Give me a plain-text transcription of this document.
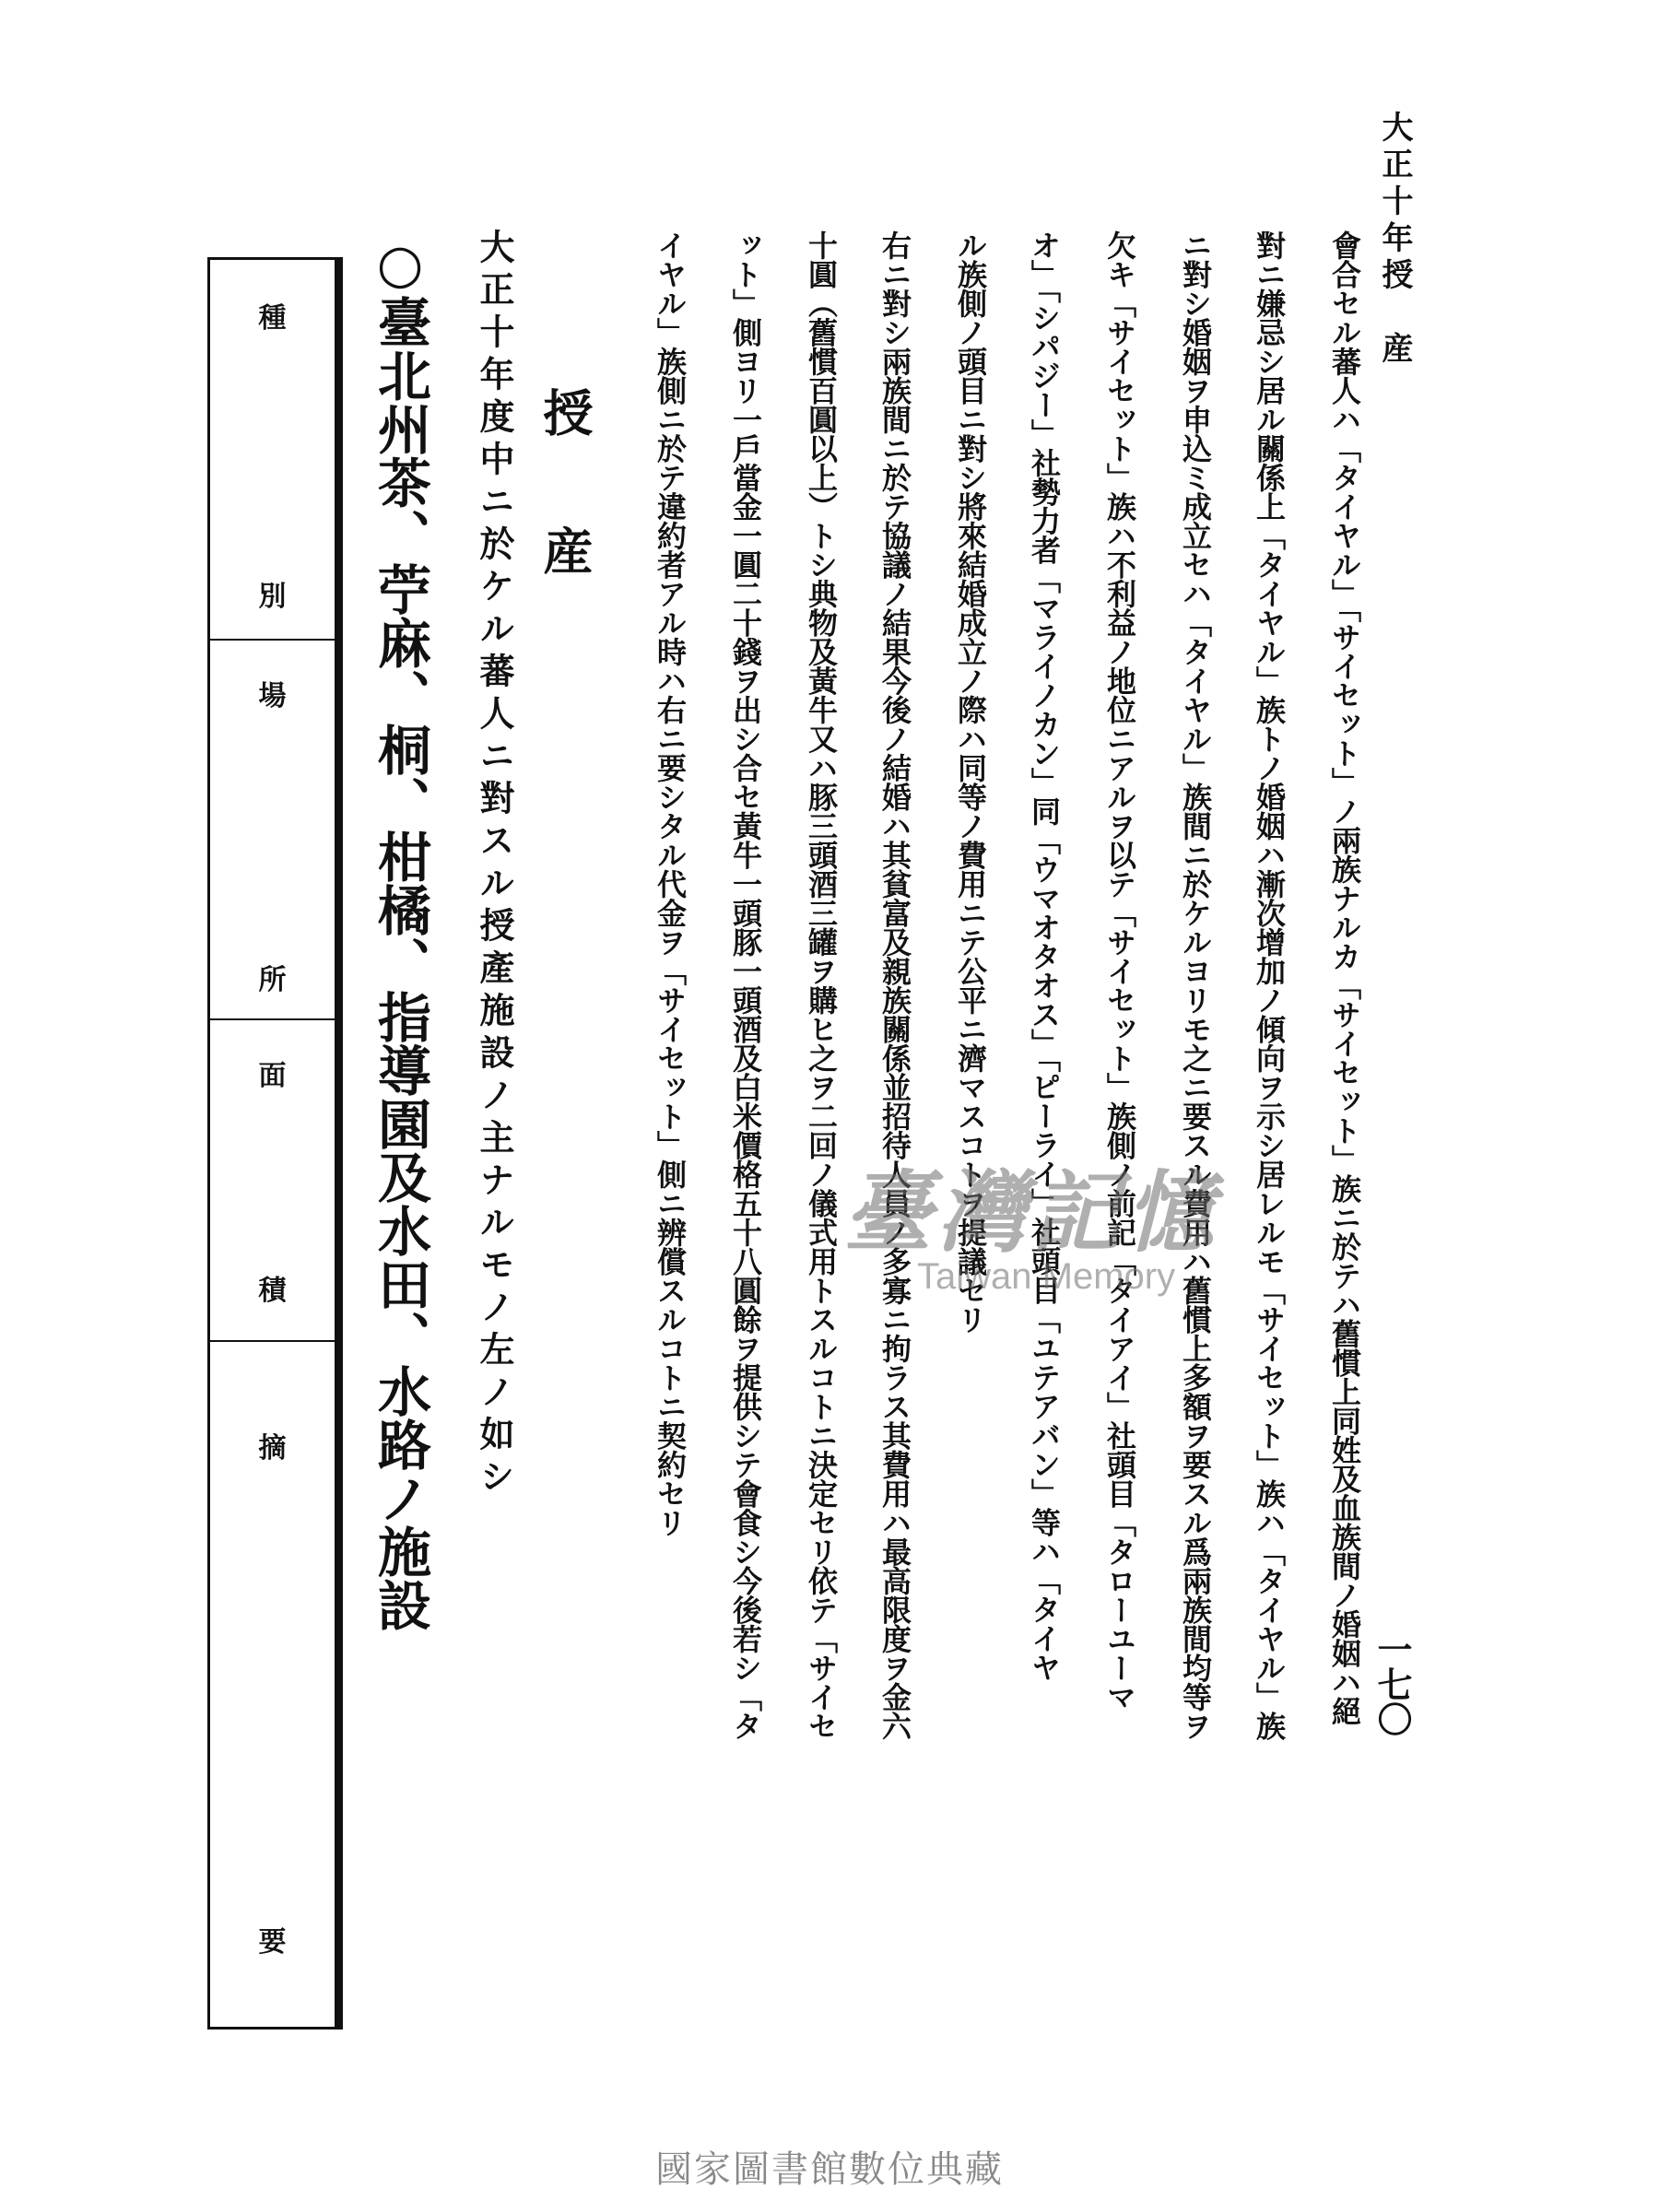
大正十年授　産
一七〇
會合セル蕃人ハ「タイヤル」「サイセット」ノ兩族ナルカ「サイセット」族ニ於テハ舊慣上同姓及血族間ノ婚姻ハ絕
對ニ嫌忌シ居ル關係上「タイヤル」族トノ婚姻ハ漸次增加ノ傾向ヲ示シ居レルモ「サイセット」族ハ「タイヤル」族
ニ對シ婚姻ヲ申込ミ成立セハ「タイヤル」族間ニ於ケルヨリモ之ニ要スル費用ハ舊慣上多額ヲ要スル爲兩族間均等ヲ
欠キ「サイセット」族ハ不利益ノ地位ニアルヲ以テ「サイセット」族側ノ前記「タイアイ」社頭目「タローユーマ
オ」「シパジー」社勢力者「マライノカン」同「ウマオタオス」「ピーライ」社頭目「ユテアバン」等ハ「タイヤ
ル族側ノ頭目ニ對シ將來結婚成立ノ際ハ同等ノ費用ニテ公平ニ濟マスコトヲ提議セリ
右ニ對シ兩族間ニ於テ協議ノ結果今後ノ結婚ハ其貧富及親族關係並招待人員ノ多寡ニ拘ラス其費用ハ最高限度ヲ金六
十圓（舊慣百圓以上）トシ典物及黃牛又ハ豚三頭酒三罐ヲ購ヒ之ヲ二回ノ儀式用トスルコトニ決定セリ依テ「サイセ
ット」側ヨリ一戶當金一圓二十錢ヲ出シ合セ黃牛一頭豚一頭酒及白米價格五十八圓餘ヲ提供シテ會食シ今後若シ「タ
イヤル」族側ニ於テ違約者アル時ハ右ニ要シタル代金ヲ「サイセット」側ニ辨償スルコトニ契約セリ
授
産
大正十年度中ニ於ケル蕃人ニ對スル授產施設ノ主ナルモノ左ノ如シ
○臺北州茶、苧麻、桐、柑橘、指導園及水田、水路ノ施設
種
別
場
所
面
積
摘
要
臺灣記憶
Taiwan Memory
國家圖書館數位典藏
